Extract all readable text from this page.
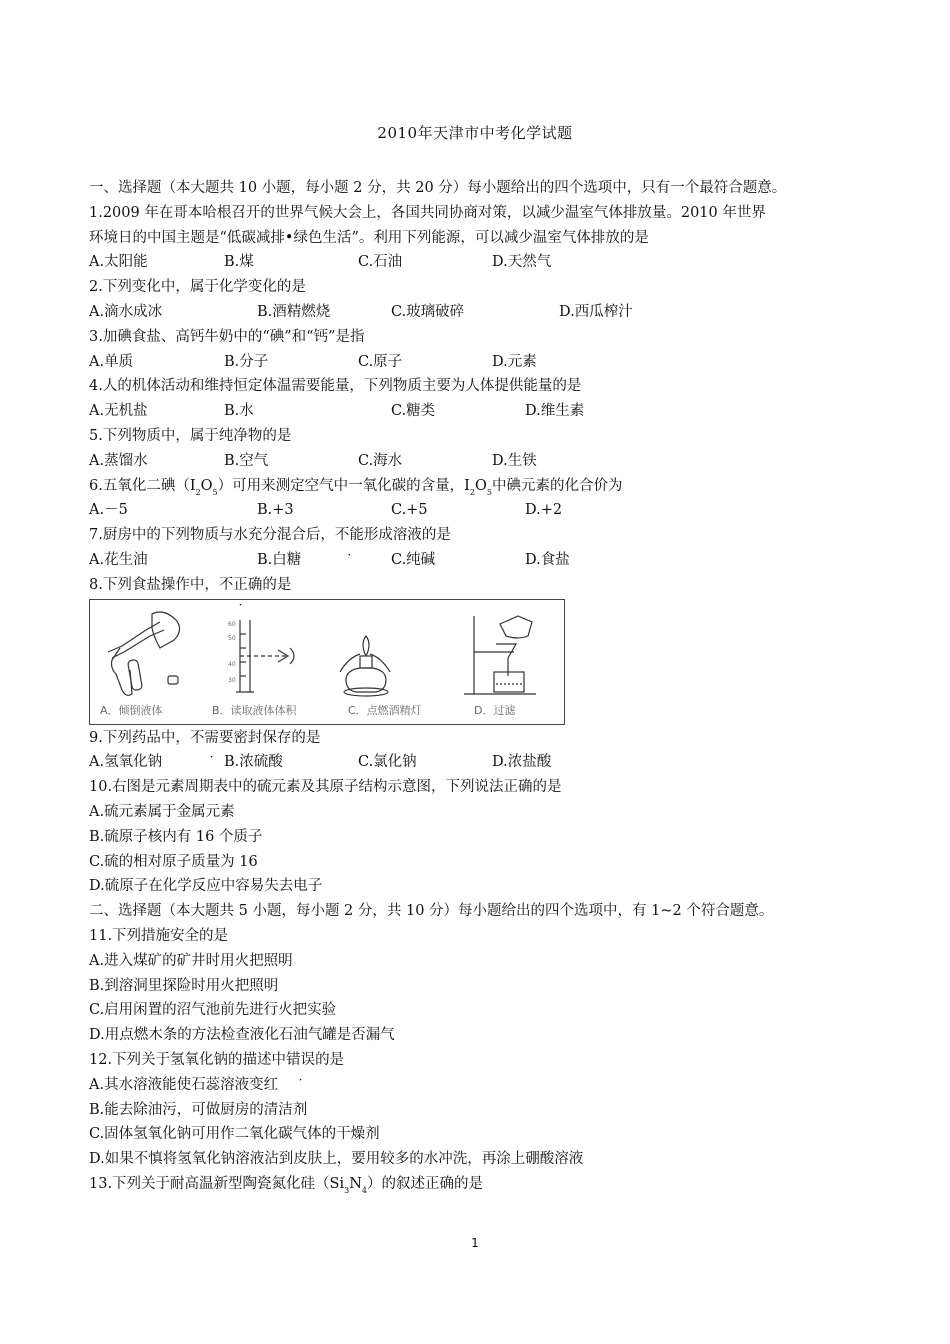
2010年天津市中考化学试题
一、选择题（本大题共 10 小题，每小题 2 分，共 20 分）每小题给出的四个选项中，只有一个最符合题意。
1.2009 年在哥本哈根召开的世界气候大会上，各国共同协商对策，以减少温室气体排放量。2010 年世界
环境日的中国主题是“低碳减排•绿色生活”。利用下列能源，可以减少温室气体排放的是
A.太阳能	B.煤	C.石油	D.天然气
2.下列变化中，属于化学变化的是
A.滴水成冰	B.酒精燃烧	C.玻璃破碎	D.西瓜榨汁
3.加碘食盐、高钙牛奶中的“碘”和“钙”是指
A.单质	B.分子	C.原子	D.元素
4.人的机体活动和维持恒定体温需要能量，下列物质主要为人体提供能量的是
A.无机盐	B.水	C.糖类	D.维生素
5.下列物质中，属于纯净物的是
A.蒸馏水	B.空气	C.海水	D.生铁
6.五氧化二碘$(I_2O_5)$可用来测定空气中一氧化碳的含量，$I_2O_5$中碘元素的化合价为
A.－5	B.+3	C.+5	D.+2
7.厨房中的下列物质与水充分混合后，不能形成溶液的是
A.花生油	B.白糖	C.纯碱	D.食盐
8.下列食盐操作中，不正确的是
60
50
40
30
A．倾倒液体	B．读取液体体积	C．点燃酒精灯	D．过滤
9.下列药品中，不需要密封保存的是
A.氢氧化钠	B.浓硫酸	C.氯化钠	D.浓盐酸
10.右图是元素周期表中的硫元素及其原子结构示意图，下列说法正确的是
A.硫元素属于金属元素
B.硫原子核内有 16 个质子
C.硫的相对原子质量为 16
D.硫原子在化学反应中容易失去电子
二、选择题（本大题共 5 小题，每小题 2 分，共 10 分）每小题给出的四个选项中，有 1~2 个符合题意。
11.下列措施安全的是
A.进入煤矿的矿井时用火把照明
B.到溶洞里探险时用火把照明
C.启用闲置的沼气池前先进行火把实验
D.用点燃木条的方法检查液化石油气罐是否漏气
12.下列关于氢氧化钠的描述中错误的是
A.其水溶液能使石蕊溶液变红
B.能去除油污，可做厨房的清洁剂
C.固体氢氧化钠可用作二氧化碳气体的干燥剂
D.如果不慎将氢氧化钠溶液沾到皮肤上，要用较多的水冲洗，再涂上硼酸溶液
13.下列关于耐高温新型陶瓷氮化硅$(Si_3N_4)$的叙述正确的是
1
